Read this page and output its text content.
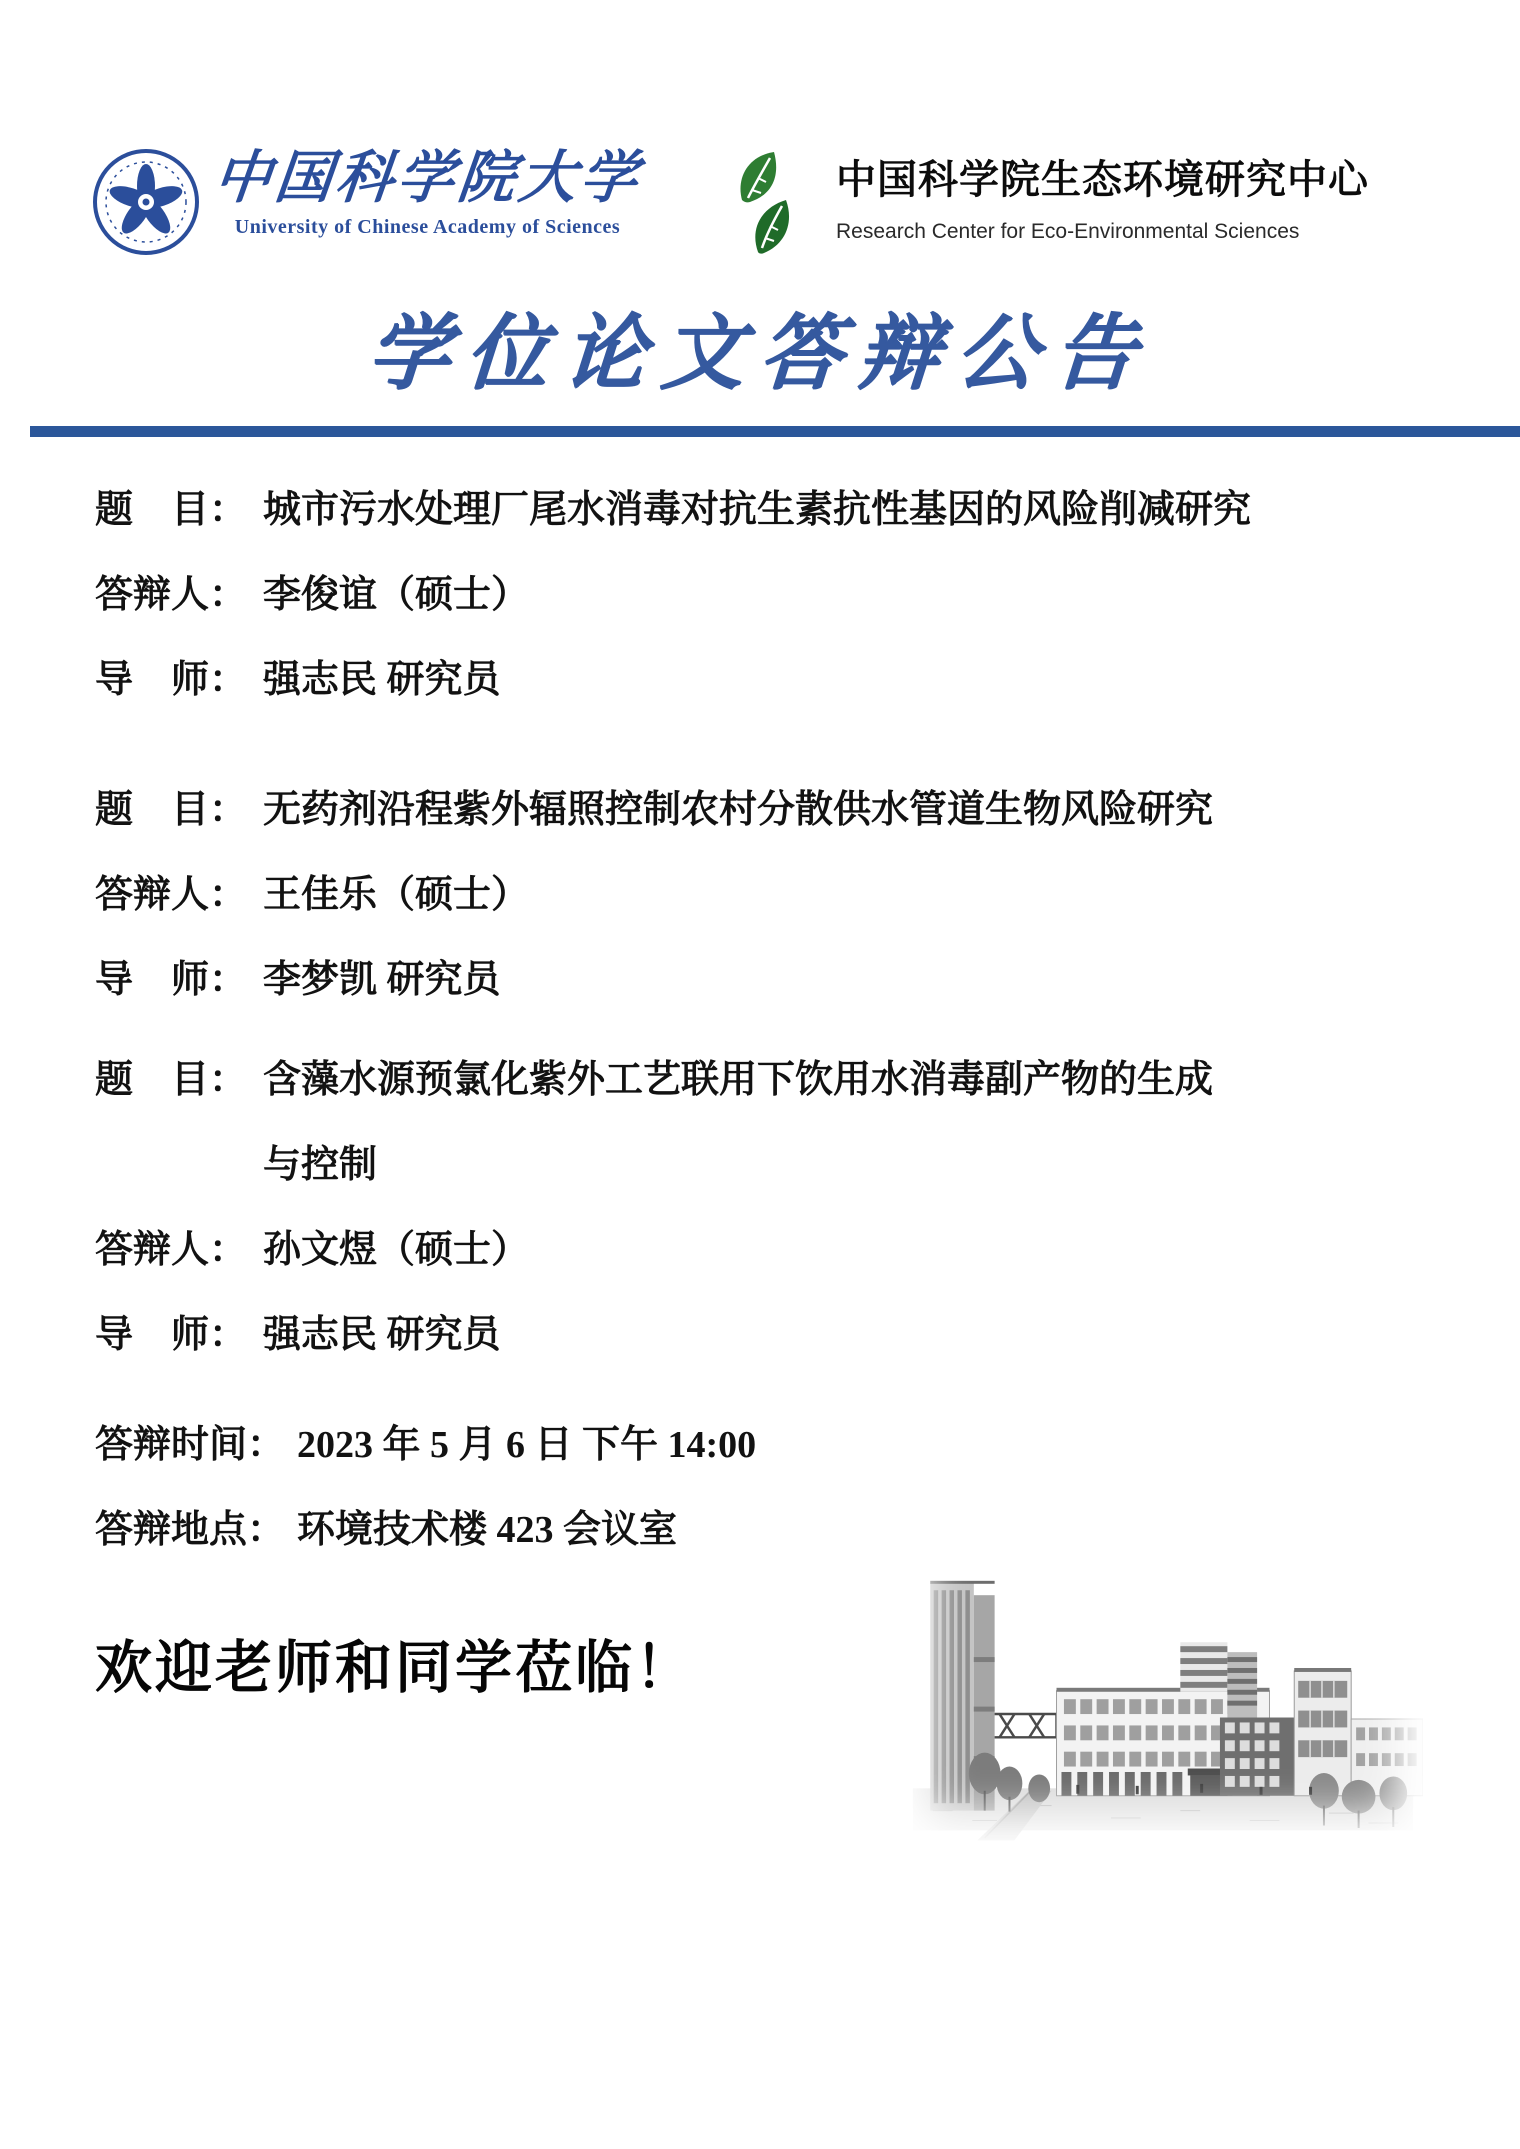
中国科学院大学
University of Chinese Academy of Sciences
中国科学院生态环境研究中心
Research Center for Eco-Environmental Sciences
学位论文答辩公告
题　目： 城市污水处理厂尾水消毒对抗生素抗性基因的风险削减研究
答辩人： 李俊谊（硕士）
导　师： 强志民 研究员
题　目： 无药剂沿程紫外辐照控制农村分散供水管道生物风险研究
答辩人： 王佳乐（硕士）
导　师： 李梦凯 研究员
题　目： 含藻水源预氯化紫外工艺联用下饮用水消毒副产物的生成
与控制
答辩人： 孙文煜（硕士）
导　师： 强志民 研究员
答辩时间： 2023 年 5 月 6 日 下午 14:00
答辩地点： 环境技术楼 423 会议室
欢迎老师和同学莅临！
